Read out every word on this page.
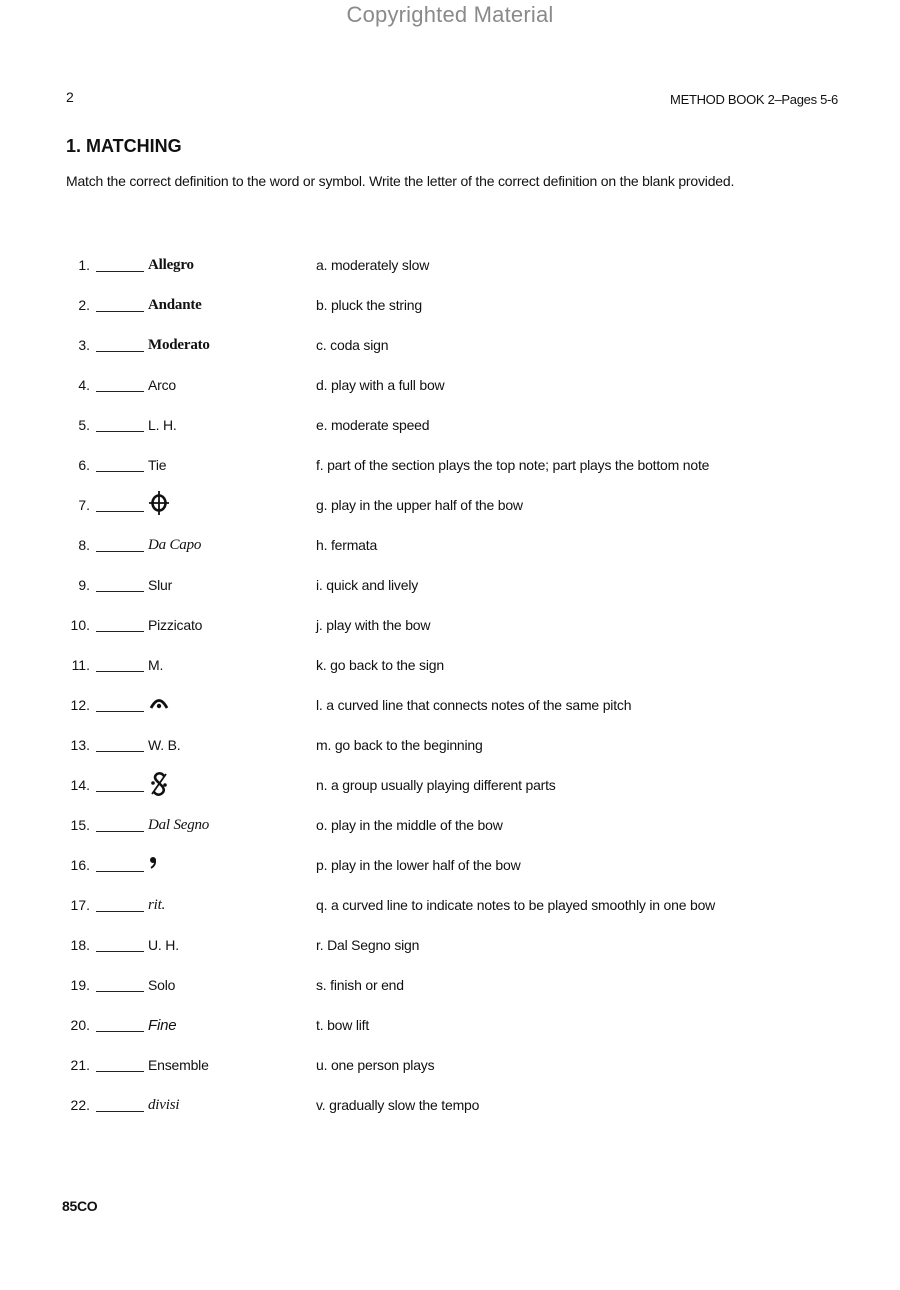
Copyrighted Material
2	METHOD BOOK 2–Pages 5-6
1. MATCHING
Match the correct definition to the word or symbol. Write the letter of the correct definition on the blank provided.
1.	Allegro	a. moderately slow
2.	Andante	b. pluck the string
3.	Moderato	c. coda sign
4.	Arco	d. play with a full bow
5.	L. H.	e. moderate speed
6.	Tie	f. part of the section plays the top note; part plays the bottom note
7.	g. play in the upper half of the bow
8.	Da Capo	h. fermata
9.	Slur	i. quick and lively
10.	Pizzicato	j. play with the bow
11.	M.	k. go back to the sign
12.	l. a curved line that connects notes of the same pitch
13.	W. B.	m. go back to the beginning
14.	n. a group usually playing different parts
15.	Dal Segno	o. play in the middle of the bow
16.	p. play in the lower half of the bow
17.	rit.	q. a curved line to indicate notes to be played smoothly in one bow
18.	U. H.	r. Dal Segno sign
19.	Solo	s. finish or end
20.	Fine	t. bow lift
21.	Ensemble	u. one person plays
22.	divisi	v. gradually slow the tempo
85CO
